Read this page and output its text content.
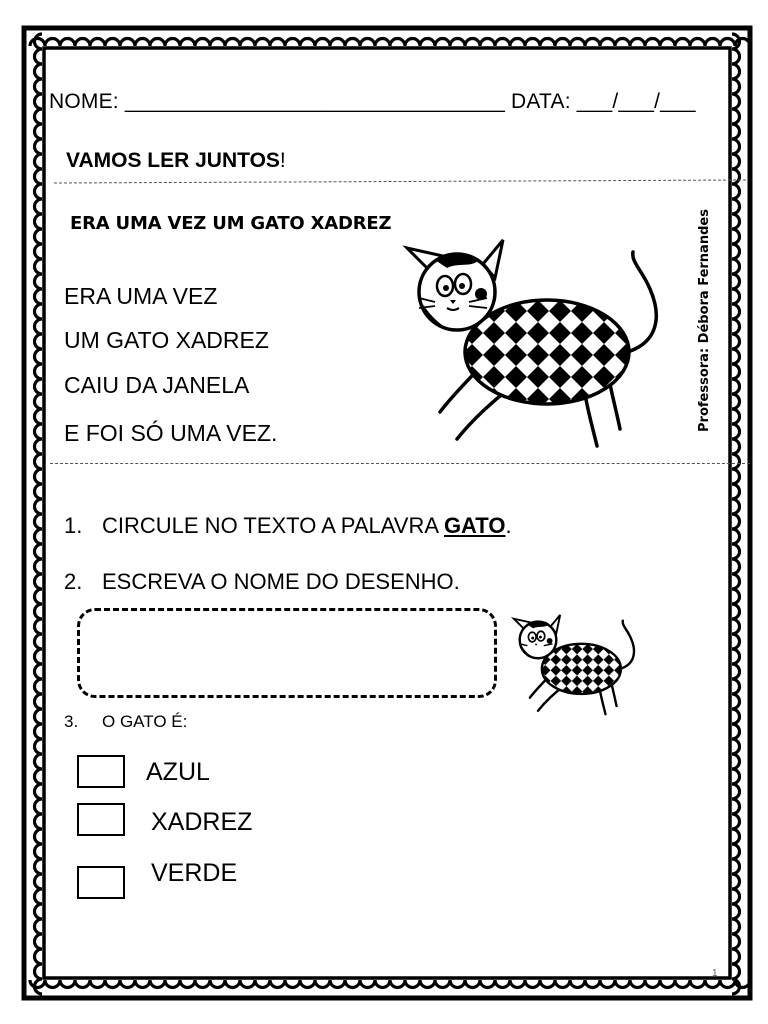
NOME: ________________________________ DATA: ___/___/___
VAMOS LER JUNTOS!
ERA UMA VEZ UM GATO XADREZ
ERA UMA VEZ
UM GATO XADREZ
CAIU DA JANELA
E FOI SÓ UMA VEZ.
Professora: Débora Fernandes
1. CIRCULE NO TEXTO A PALAVRA GATO.
2. ESCREVA O NOME DO DESENHO.
3. O GATO É:
AZUL
XADREZ
VERDE
1
